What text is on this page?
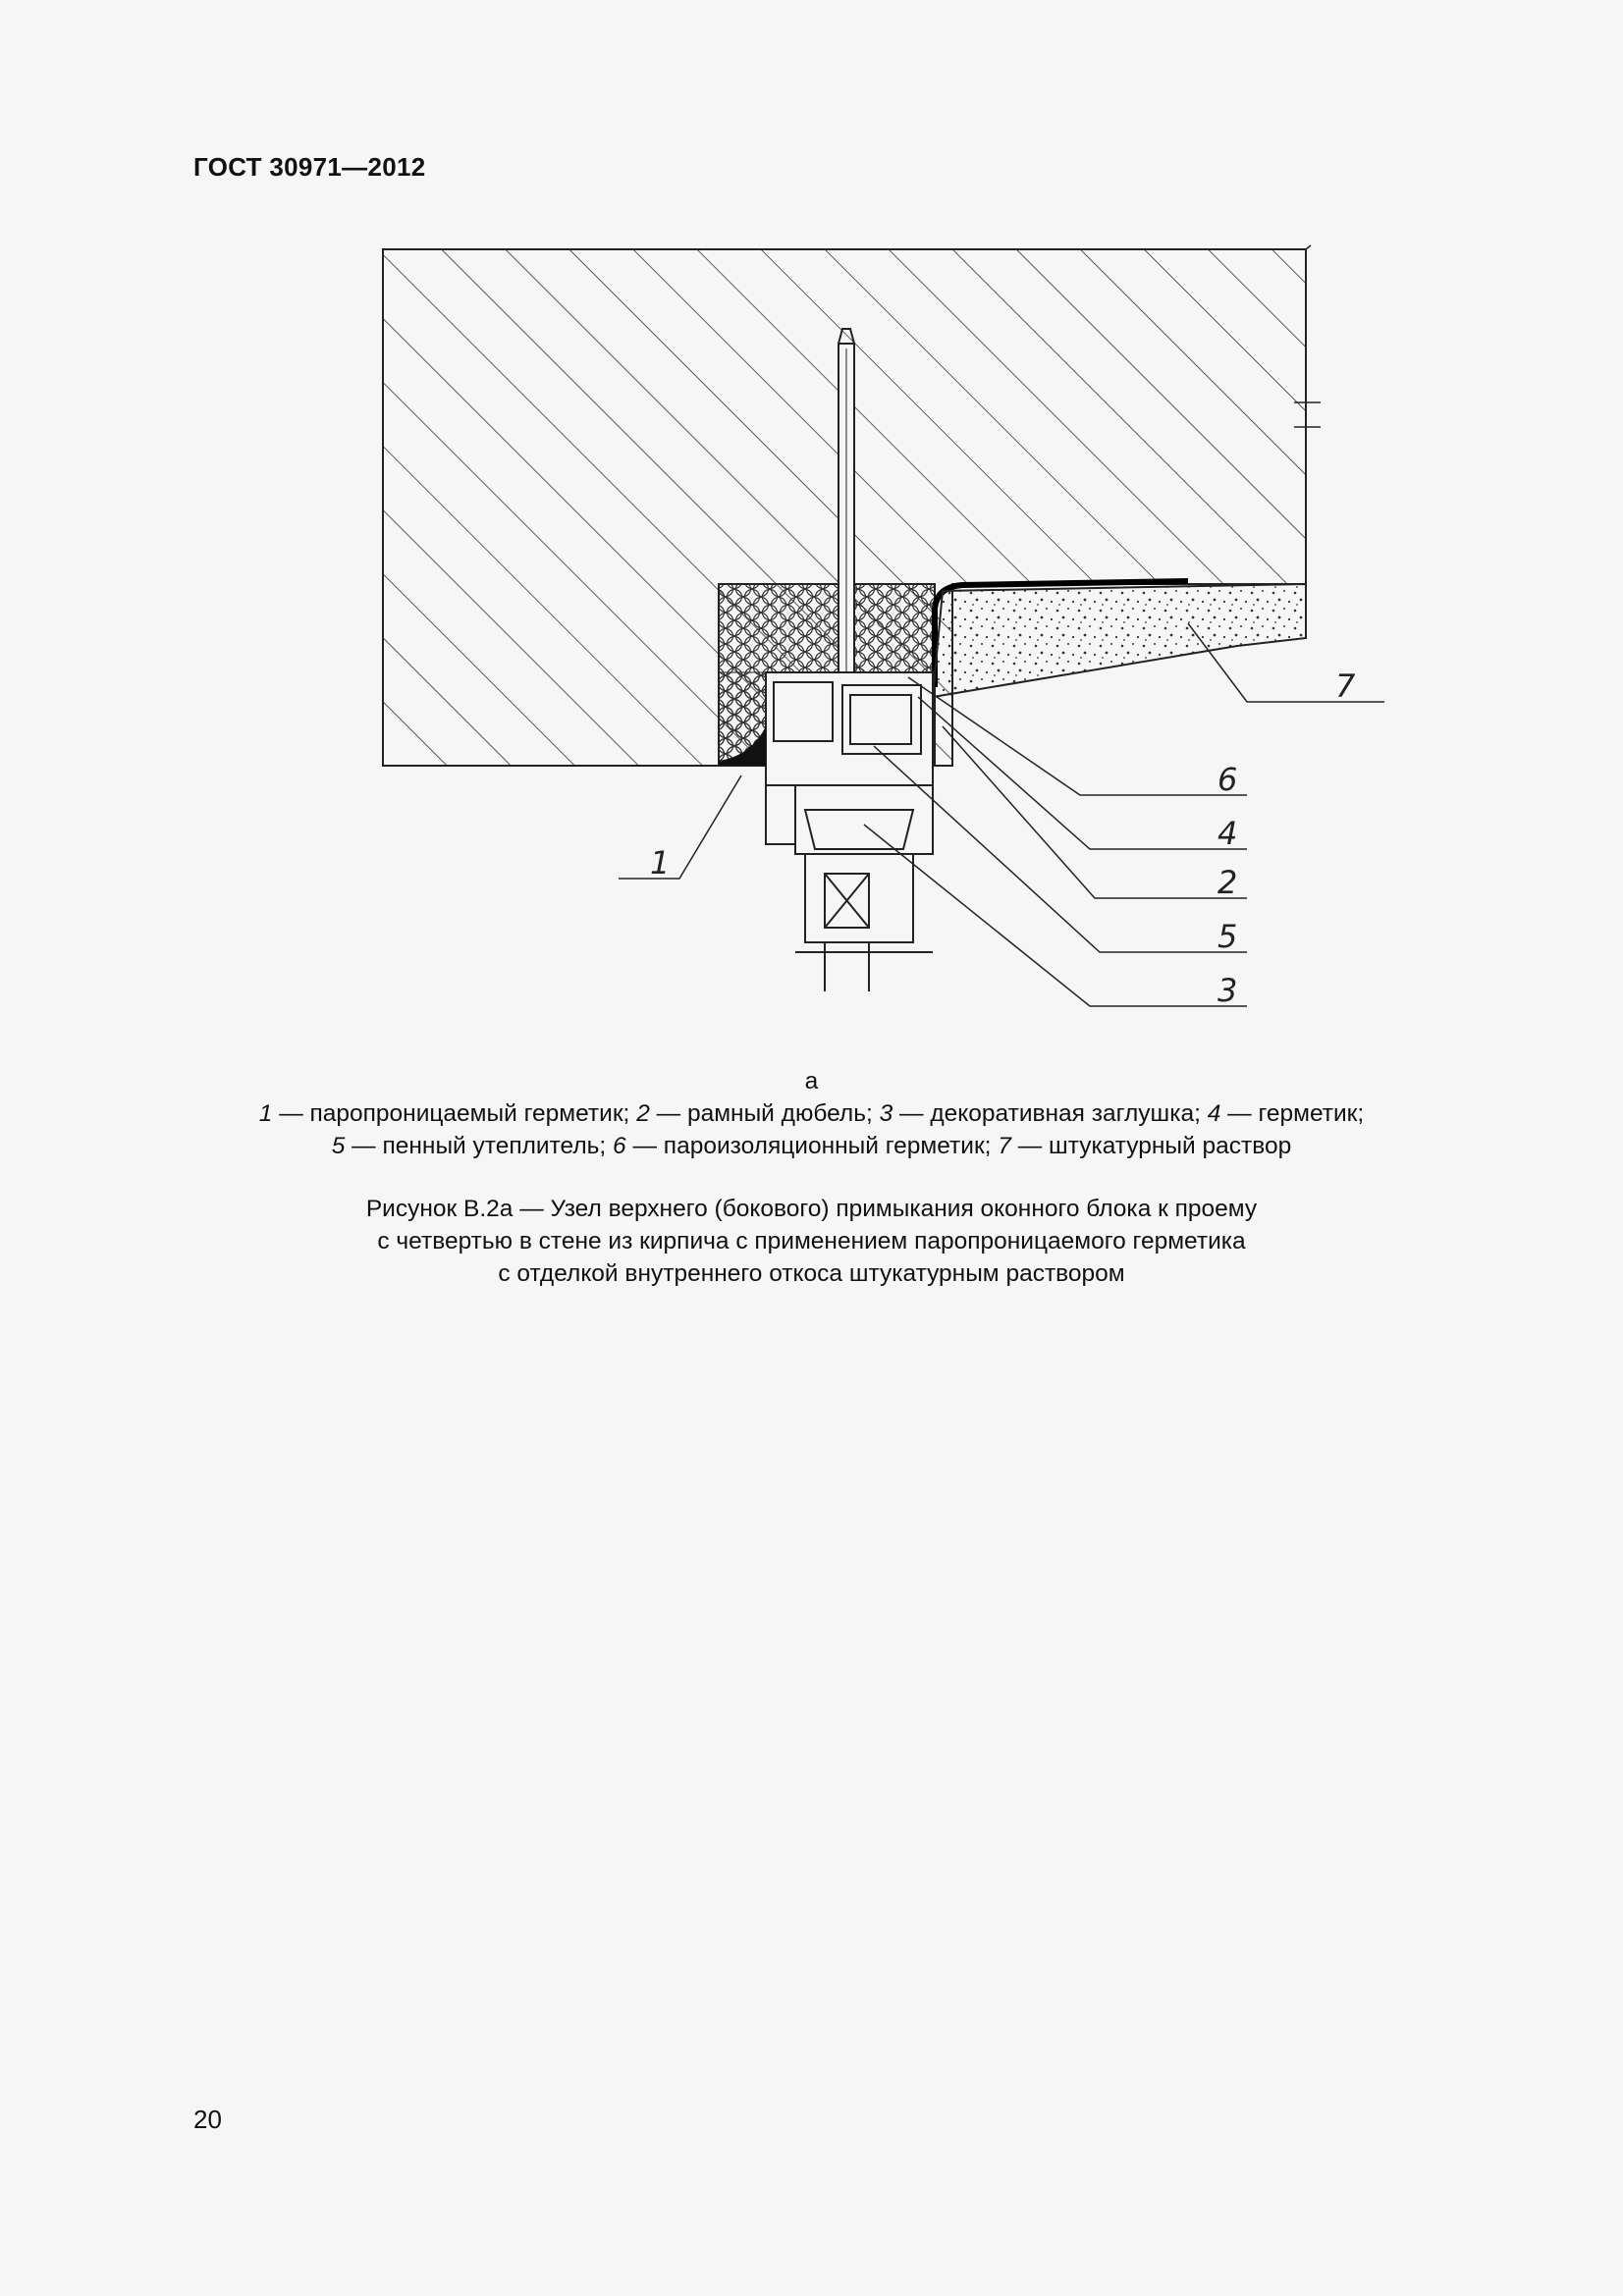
ГОСТ 30971—2012
1
6
4
2
5
3
7
а
1 — паропроницаемый герметик; 2 — рамный дюбель; 3 — декоративная заглушка; 4 — герметик;
5 — пенный утеплитель; 6 — пароизоляционный герметик; 7 — штукатурный раствор
Рисунок В.2а — Узел верхнего (бокового) примыкания оконного блока к проему
с четвертью в стене из кирпича с применением паропроницаемого герметика
с отделкой внутреннего откоса штукатурным раствором
20
